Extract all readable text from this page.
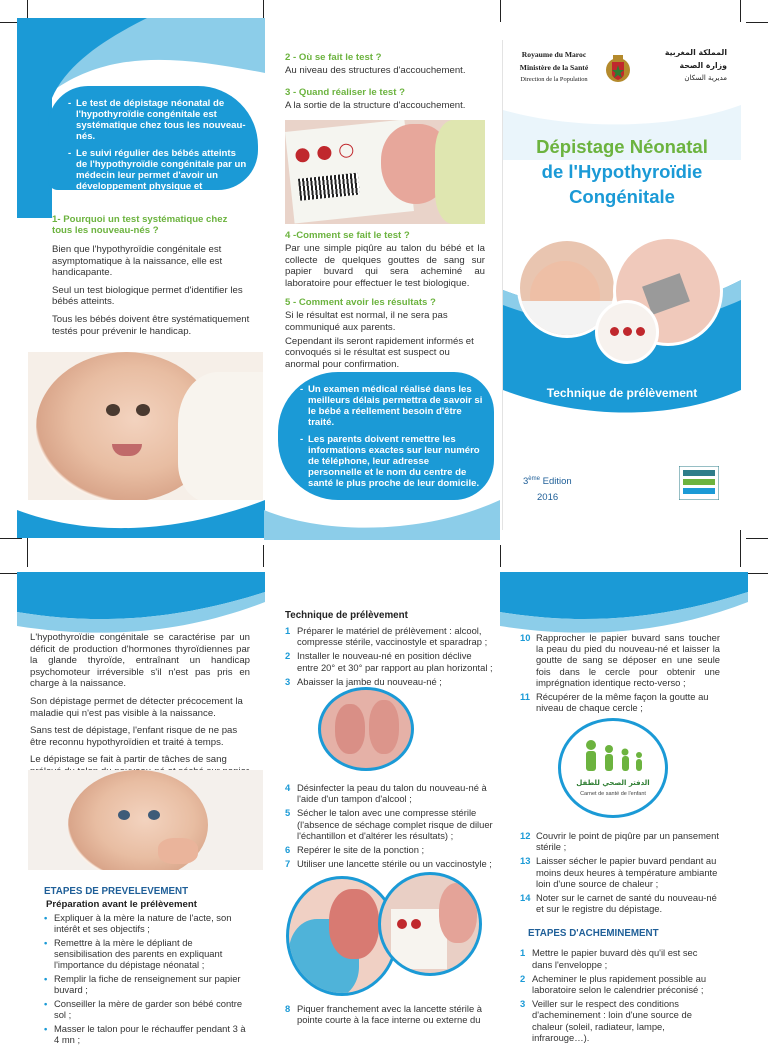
- Le test de dépistage néonatal de l'hypothyroïdie congénitale est systématique chez tous les nouveau-nés.
- Le suivi régulier des bébés atteints de l'hypothyroïdie congénitale par un médecin leur permet d'avoir un développement physique et intellectuel normal comme les autres enfants non atteints.
1- Pourquoi un test systématique chez tous les nouveau-nés ?

Bien que l'hypothyroïdie congénitale est asymptomatique à la naissance, elle est handicapante.

Seul un test biologique permet d'identifier les bébés atteints.

Tous les bébés doivent être systématiquement testés pour prévenir le handicap.

2 - Où se fait le test ?

Au niveau des structures d'accouchement.

3 - Quand réaliser le test ?

A la sortie de la structure d'accouchement.

4 -Comment se fait le test ?

Par une simple piqûre au talon du bébé et la collecte de quelques gouttes de sang sur papier buvard qui sera acheminé au laboratoire pour effectuer le test biologique.

5 - Comment avoir les résultats ?

Si le résultat est normal, il ne sera pas communiqué aux parents.

Cependant ils seront rapidement informés et convoqués si le résultat est suspect ou anormal pour confirmation.

- Un examen médical réalisé dans les meilleurs délais permettra de savoir si le bébé a réellement besoin d'être traité.
- Les parents doivent remettre les informations exactes sur leur numéro de téléphone, leur adresse personnelle et le nom du centre de santé le plus proche de leur domicile.
Royaume du Maroc
Ministère de la Santé
Direction de la Population
المملكة المغربية
وزارة الصحة
مديرية السكان
Dépistage Néonatal
de l'Hypothyroïdie
Congénitale
Technique de prélèvement
3ème Edition
2016

L'hypothyroïdie congénitale se caractérise par un déficit de production d'hormones thyroïdiennes par la glande thyroïde, entraînant un handicap psychomoteur irréversible s'il n'est pas pris en charge à la naissance.

Son dépistage permet de détecter précocement la maladie qui n'est pas visible à la naissance.

Sans test de dépistage, l'enfant risque de ne pas être reconnu hypothyroïdien et traité à temps.

Le dépistage se fait à partir de tâches de sang

ETAPES DE PREVELEVEMENT
Préparation avant le prélèvement
• Expliquer à la mère la nature de l'acte, son intérêt et ses objectifs ;
• Remettre à la mère le dépliant de sensibilisation des parents en expliquant l'importance du dépistage néonatal ;
• Remplir la fiche de renseignement sur papier buvard ;
• Conseiller la mère de garder son bébé contre sol ;
• Masser le talon pour le réchauffer pendant 3 à 4 mn ;
Technique de prélèvement
1 Préparer le matériel de prélèvement : alcool, compresse stérile, vaccinostyle et sparadrap ;
2 Installer le nouveau-né en position déclive entre 20° et 30° par rapport au plan horizontal ;
3 Abaisser la jambe du nouveau-né ;
4 Désinfecter la peau du talon du nouveau-né à l'aide d'un tampon d'alcool ;
5 Sécher le talon avec une compresse stérile (l'absence de séchage complet risque de diluer l'échantillon et d'altérer les résultats) ;
6 Repérer le site de la ponction ;
7 Utiliser une lancette stérile ou un vaccinostyle ;
8 Piquer franchement avec la lancette stérile à pointe courte à la face interne ou externe du
10 Rapprocher le papier buvard sans toucher la peau du pied du nouveau-né et laisser la goutte de sang se déposer en une seule fois dans le cercle pour obtenir une imprégnation identique recto-verso ;
11 Récupérer de la même façon la goutte au niveau de chaque cercle ;
الدفتر الصحي للطفل
Carnet de santé de l'enfant
12 Couvrir le point de piqûre par un pansement stérile ;
13 Laisser sécher le papier buvard pendant au moins deux heures à température ambiante loin d'une source de chaleur ;
14 Noter sur le carnet de santé du nouveau-né et sur le registre du dépistage.
ETAPES D'ACHEMINEMENT
1 Mettre le papier buvard dès qu'il est sec dans l'enveloppe ;
2 Acheminer le plus rapidement possible au laboratoire selon le calendrier préconisé ;
3 Veiller sur le respect des conditions d'acheminement : loin d'une source de chaleur (soleil, radiateur, lampe, infrarouge…).
